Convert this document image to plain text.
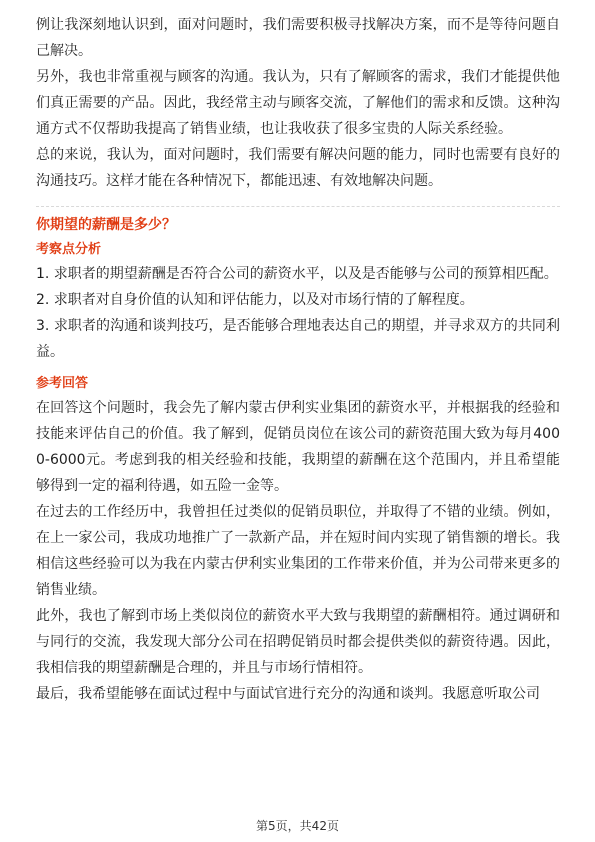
例让我深刻地认识到，面对问题时，我们需要积极寻找解决方案，而不是等待问题自己解决。

另外，我也非常重视与顾客的沟通。我认为，只有了解顾客的需求，我们才能提供他们真正需要的产品。因此，我经常主动与顾客交流，了解他们的需求和反馈。这种沟通方式不仅帮助我提高了销售业绩，也让我收获了很多宝贵的人际关系经验。

总的来说，我认为，面对问题时，我们需要有解决问题的能力，同时也需要有良好的沟通技巧。这样才能在各种情况下，都能迅速、有效地解决问题。

你期望的薪酬是多少？
考察点分析

1. 求职者的期望薪酬是否符合公司的薪资水平，以及是否能够与公司的预算相匹配。

2. 求职者对自身价值的认知和评估能力，以及对市场行情的了解程度。

3. 求职者的沟通和谈判技巧，是否能够合理地表达自己的期望，并寻求双方的共同利益。

参考回答

在回答这个问题时，我会先了解内蒙古伊利实业集团的薪资水平，并根据我的经验和技能来评估自己的价值。我了解到，促销员岗位在该公司的薪资范围大致为每月4000-6000元。考虑到我的相关经验和技能，我期望的薪酬在这个范围内，并且希望能够得到一定的福利待遇，如五险一金等。

在过去的工作经历中，我曾担任过类似的促销员职位，并取得了不错的业绩。例如，在上一家公司，我成功地推广了一款新产品，并在短时间内实现了销售额的增长。我相信这些经验可以为我在内蒙古伊利实业集团的工作带来价值，并为公司带来更多的销售业绩。

此外，我也了解到市场上类似岗位的薪资水平大致与我期望的薪酬相符。通过调研和与同行的交流，我发现大部分公司在招聘促销员时都会提供类似的薪资待遇。因此，我相信我的期望薪酬是合理的，并且与市场行情相符。

最后，我希望能够在面试过程中与面试官进行充分的沟通和谈判。我愿意听取公司

第5页，共42页
